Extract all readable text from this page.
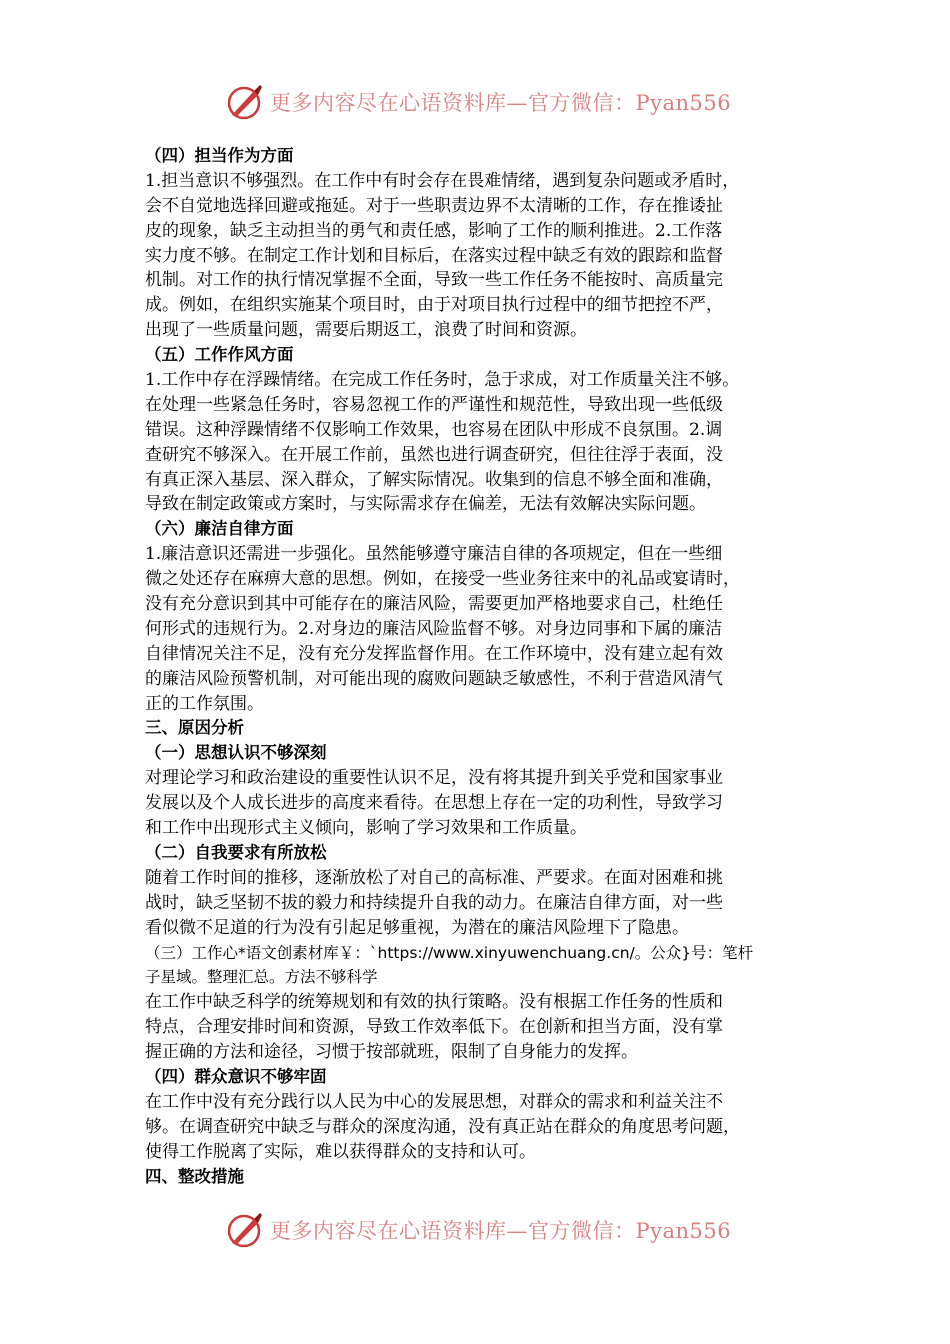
更多内容尽在心语资料库—官方微信：Pyan556
（四）担当作为方面
1.担当意识不够强烈。在工作中有时会存在畏难情绪，遇到复杂问题或矛盾时，
会不自觉地选择回避或拖延。对于一些职责边界不太清晰的工作，存在推诿扯
皮的现象，缺乏主动担当的勇气和责任感，影响了工作的顺利推进。2.工作落
实力度不够。在制定工作计划和目标后，在落实过程中缺乏有效的跟踪和监督
机制。对工作的执行情况掌握不全面，导致一些工作任务不能按时、高质量完
成。例如，在组织实施某个项目时，由于对项目执行过程中的细节把控不严，
出现了一些质量问题，需要后期返工，浪费了时间和资源。
（五）工作作风方面
1.工作中存在浮躁情绪。在完成工作任务时，急于求成，对工作质量关注不够。
在处理一些紧急任务时，容易忽视工作的严谨性和规范性，导致出现一些低级
错误。这种浮躁情绪不仅影响工作效果，也容易在团队中形成不良氛围。2.调
查研究不够深入。在开展工作前，虽然也进行调查研究，但往往浮于表面，没
有真正深入基层、深入群众，了解实际情况。收集到的信息不够全面和准确，
导致在制定政策或方案时，与实际需求存在偏差，无法有效解决实际问题。
（六）廉洁自律方面
1.廉洁意识还需进一步强化。虽然能够遵守廉洁自律的各项规定，但在一些细
微之处还存在麻痹大意的思想。例如，在接受一些业务往来中的礼品或宴请时，
没有充分意识到其中可能存在的廉洁风险，需要更加严格地要求自己，杜绝任
何形式的违规行为。2.对身边的廉洁风险监督不够。对身边同事和下属的廉洁
自律情况关注不足，没有充分发挥监督作用。在工作环境中，没有建立起有效
的廉洁风险预警机制，对可能出现的腐败问题缺乏敏感性，不利于营造风清气
正的工作氛围。
三、原因分析
（一）思想认识不够深刻
对理论学习和政治建设的重要性认识不足，没有将其提升到关乎党和国家事业
发展以及个人成长进步的高度来看待。在思想上存在一定的功利性，导致学习
和工作中出现形式主义倾向，影响了学习效果和工作质量。
（二）自我要求有所放松
随着工作时间的推移，逐渐放松了对自己的高标准、严要求。在面对困难和挑
战时，缺乏坚韧不拔的毅力和持续提升自我的动力。在廉洁自律方面，对一些
看似微不足道的行为没有引起足够重视，为潜在的廉洁风险埋下了隐患。
（三）工作心*语文创素材库￥：`https://www.xinyuwenchuang.cn/。公众}号：笔杆
子星域。整理汇总。方法不够科学
在工作中缺乏科学的统筹规划和有效的执行策略。没有根据工作任务的性质和
特点，合理安排时间和资源，导致工作效率低下。在创新和担当方面，没有掌
握正确的方法和途径，习惯于按部就班，限制了自身能力的发挥。
（四）群众意识不够牢固
在工作中没有充分践行以人民为中心的发展思想，对群众的需求和利益关注不
够。在调查研究中缺乏与群众的深度沟通，没有真正站在群众的角度思考问题，
使得工作脱离了实际，难以获得群众的支持和认可。
四、整改措施
更多内容尽在心语资料库—官方微信：Pyan556
